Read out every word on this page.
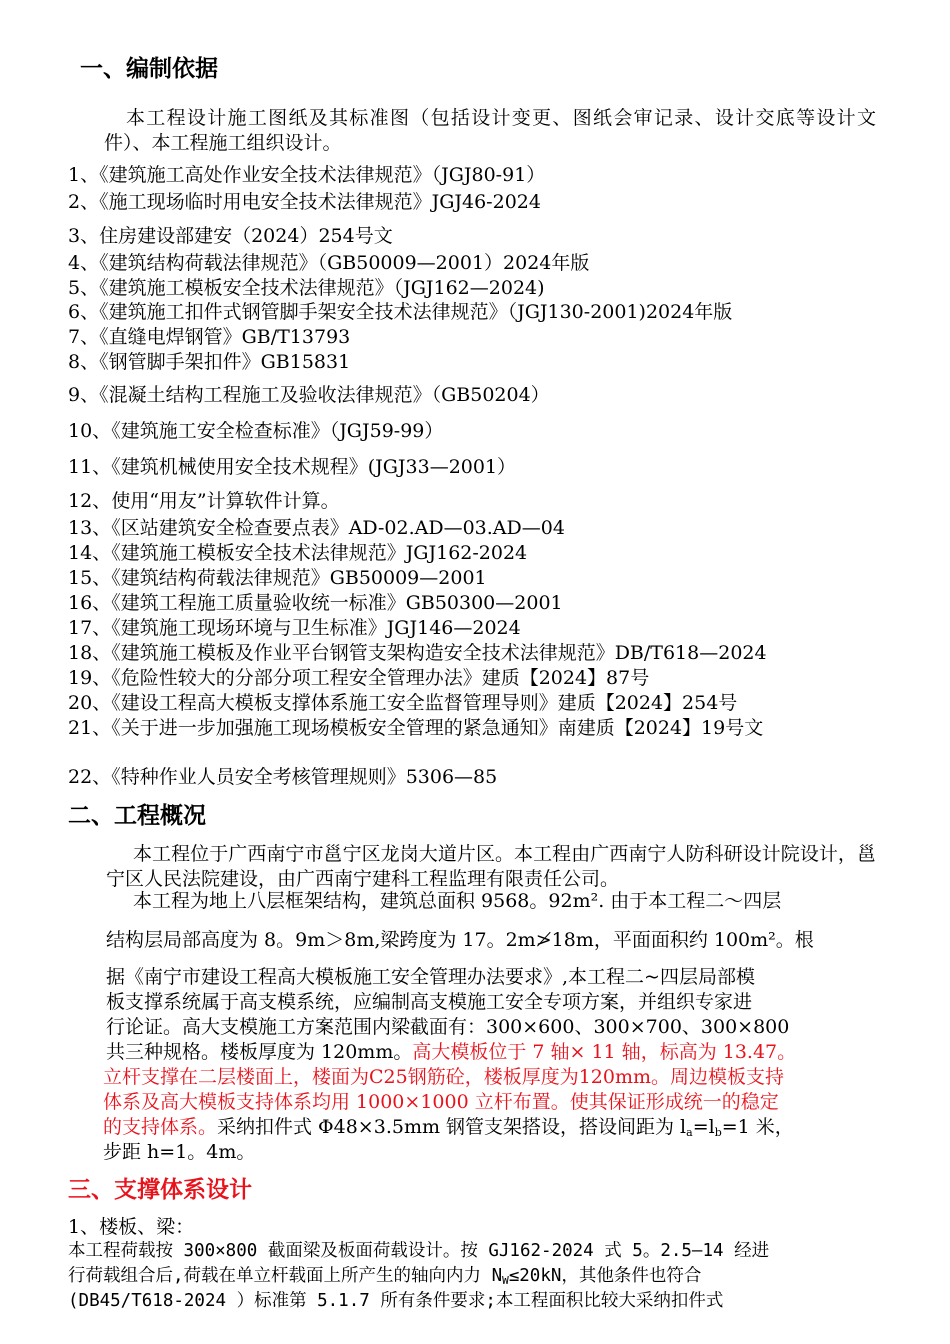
一、编制依据

本工程设计施工图纸及其标准图（包括设计变更、图纸会审记录、设计交底等设计文件）、本工程施工组织设计。

1、《建筑施工高处作业安全技术法律规范》（JGJ80-91）
2、《施工现场临时用电安全技术法律规范》JGJ46-2024
3、住房建设部建安（2024）254号文
4、《建筑结构荷载法律规范》（GB50009—2001）2024年版
5、《建筑施工模板安全技术法律规范》（JGJ162—2024)
6、《建筑施工扣件式钢管脚手架安全技术法律规范》（JGJ130-2001)2024年版
7、《直缝电焊钢管》GB/T13793
8、《钢管脚手架扣件》GB15831
9、《混凝土结构工程施工及验收法律规范》（GB50204）
10、《建筑施工安全检查标准》（JGJ59-99）
11、《建筑机械使用安全技术规程》(JGJ33—2001）
12、使用“用友”计算软件计算。
13、《区站建筑安全检查要点表》AD-02.AD—03.AD—04
14、《建筑施工模板安全技术法律规范》JGJ162-2024
15、《建筑结构荷载法律规范》GB50009—2001
16、《建筑工程施工质量验收统一标准》GB50300—2001
17、《建筑施工现场环境与卫生标准》JGJ146—2024
18、《建筑施工模板及作业平台钢管支架构造安全技术法律规范》DB/T618—2024
19、《危险性较大的分部分项工程安全管理办法》建质【2024】87号
20、《建设工程高大模板支撑体系施工安全监督管理导则》建质【2024】254号
21、《关于进一步加强施工现场模板安全管理的紧急通知》南建质【2024】19号文
22、《特种作业人员安全考核管理规则》5306—85
二、工程概况

本工程位于广西南宁市邕宁区龙岗大道片区。本工程由广西南宁人防科研设计院设计，邕宁区人民法院建设，由广西南宁建科工程监理有限责任公司。

本工程为地上八层框架结构，建筑总面积 9568。92m². 由于本工程二～四层
结构层局部高度为 8。9m＞8m,梁跨度为 17。2m≯18m，平面面积约 100m²。根
据《南宁市建设工程高大模板施工安全管理办法要求》,本工程二~四层局部模
板支撑系统属于高支模系统，应编制高支模施工安全专项方案，并组织专家进
行论证。高大支模施工方案范围内梁截面有：300×600、300×700、300×800
共三种规格。楼板厚度为 120mm。高大模板位于 7 轴× 11 轴，标高为 13.47。
立杆支撑在二层楼面上，楼面为C25钢筋砼，楼板厚度为120mm。周边模板支持
体系及高大模板支持体系均用 1000×1000 立杆布置。使其保证形成统一的稳定
的支持体系。采纳扣件式 Φ48×3.5mm 钢管支架搭设，搭设间距为 $l_a=l_b=1$ 米，
步距 h=1。4m。
三、支撑体系设计

1、楼板、梁：

本工程荷载按 300×800 截面梁及板面荷载设计。按 GJ162-2024 式 5。2.5—14 经进
行荷载组合后,荷载在单立杆载面上所产生的轴向内力 $N_W\le 20kN$，其他条件也符合
(DB45/T618-2024 ）标准第 5.1.7 所有条件要求;本工程面积比较大采纳扣件式
